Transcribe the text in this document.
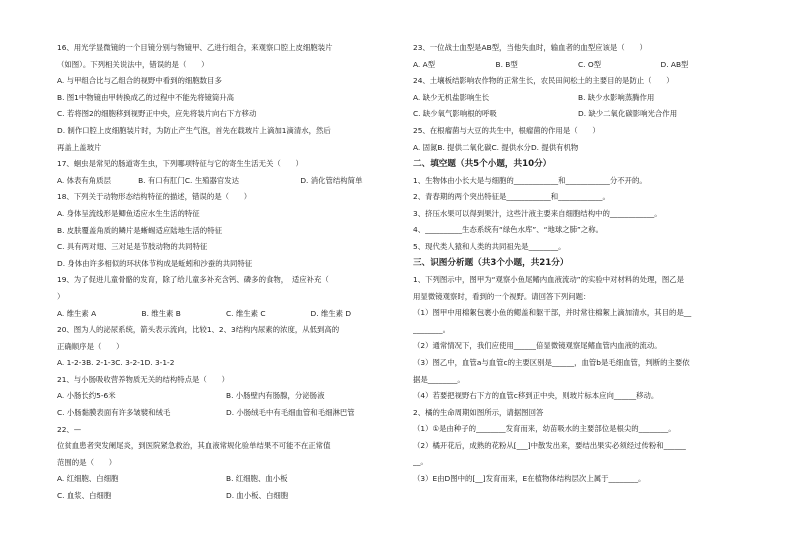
16、用光学显微镜的一个目镜分别与物镜甲、乙进行组合，来观察口腔上皮细胞装片
（如图）。下列相关说法中，错误的是（　　）
A. 与甲组合比与乙组合的视野中看到的细胞数目多
B. 图1中物镜由甲转换成乙的过程中不能先将镜筒升高
C. 若将图2的细胞移到视野正中央，应先将装片向右下方移动
D. 制作口腔上皮细胞装片时，为防止产生气泡，首先在载玻片上滴加1滴清水，然后
再盖上盖玻片
17、蛔虫是常见的肠道寄生虫，下列哪项特征与它的寄生生活无关（　　）
A. 体表有角质层	B. 有口有肛门C. 生殖器官发达	D. 消化管结构简单
18、下列关于动物形态结构特征的描述，错误的是（　　）
A. 身体呈流线形是鲫鱼适应水生生活的特征
B. 皮肤覆盖角质的鳞片是蜥蜴适应陆地生活的特征
C. 具有两对翅、三对足是节肢动物的共同特征
D. 身体由许多相似的环状体节构成是蚯蚓和沙蚕的共同特征
19、为了促进儿童骨骼的发育，除了给儿童多补充含钙、磷多的食物，　适应补充（
）
A. 维生素 A	B. 维生素 B	C. 维生素 C	D. 维生素 D
20、图为人的泌尿系统，箭头表示流向，比较1、2、3结构内尿素的浓度，从低到高的
正确顺序是（　　）
A. 1-2-3B. 2-1-3C. 3-2-1D. 3-1-2
21、与小肠吸收营养物质无关的结构特点是（　　）
A. 小肠长约5-6米	B. 小肠壁内有肠腺，分泌肠液
C. 小肠黏膜表面有许多皱襞和绒毛	D. 小肠绒毛中有毛细血管和毛细淋巴管
22、—
位贫血患者突发阑尾炎，到医院紧急救治，其血液常规化验单结果不可能不在正常值
范围的是（　　）
A. 红细胞、白细胞	B. 红细胞、血小板
C. 血浆、白细胞	D. 血小板、白细胞
23、一位战士血型是AB型，当他失血时，输血者的血型应该是（　　）
A. A型	B. B型	C. O型	D. AB型
24、土壤板结影响农作物的正常生长，农民田间松土的主要目的是防止（　　）
A. 缺少无机盐影响生长	B. 缺少水影响蒸腾作用
C. 缺少氧气影响根的呼吸	D. 缺少二氧化碳影响光合作用
25、在根瘤菌与大豆的共生中，根瘤菌的作用是（　　）
A. 固氮B. 提供二氧化碳C. 提供水分D. 提供有机物
二、填空题（共5个小题，共10分）
1、生物体由小长大是与细胞的____________和____________分不开的。
2、青春期的两个突出特征是____________和____________。
3、挤压水果可以得到果汁，这些汁液主要来自细胞结构中的____________。
4、__________生态系统有“绿色水库”、“地球之肺”之称。
5、现代类人猿和人类的共同祖先是________。
三、识图分析题（共3个小题，共21分）
1、下列图示中，图甲为“观察小鱼尾鳍内血液流动”的实验中对材料的处理，图乙是
用显微镜观察时，看到的一个视野。请回答下列问题：
（1）图甲中用棉絮包裹小鱼的鳃盖和躯干部，并时常往棉絮上滴加清水，其目的是__
________。
（2）通常情况下，我们应使用______倍显微镜观察尾鳍血管内血液的流动。
（3）图乙中，血管a与血管c的主要区别是______，血管b是毛细血管，判断的主要依
据是________。
（4）若要把视野右下方的血管c移到正中央，则玻片标本应向______移动。
2、橘的生命周期如图所示，请据图回答
（1）①是由种子的________发育而来，幼苗吸水的主要部位是根尖的________。
（2）橘开花后，成熟的花粉从[___]中散发出来，要结出果实必须经过传粉和______
__。
（3）E由D图中的[__]发育而来，E在植物体结构层次上属于________。
